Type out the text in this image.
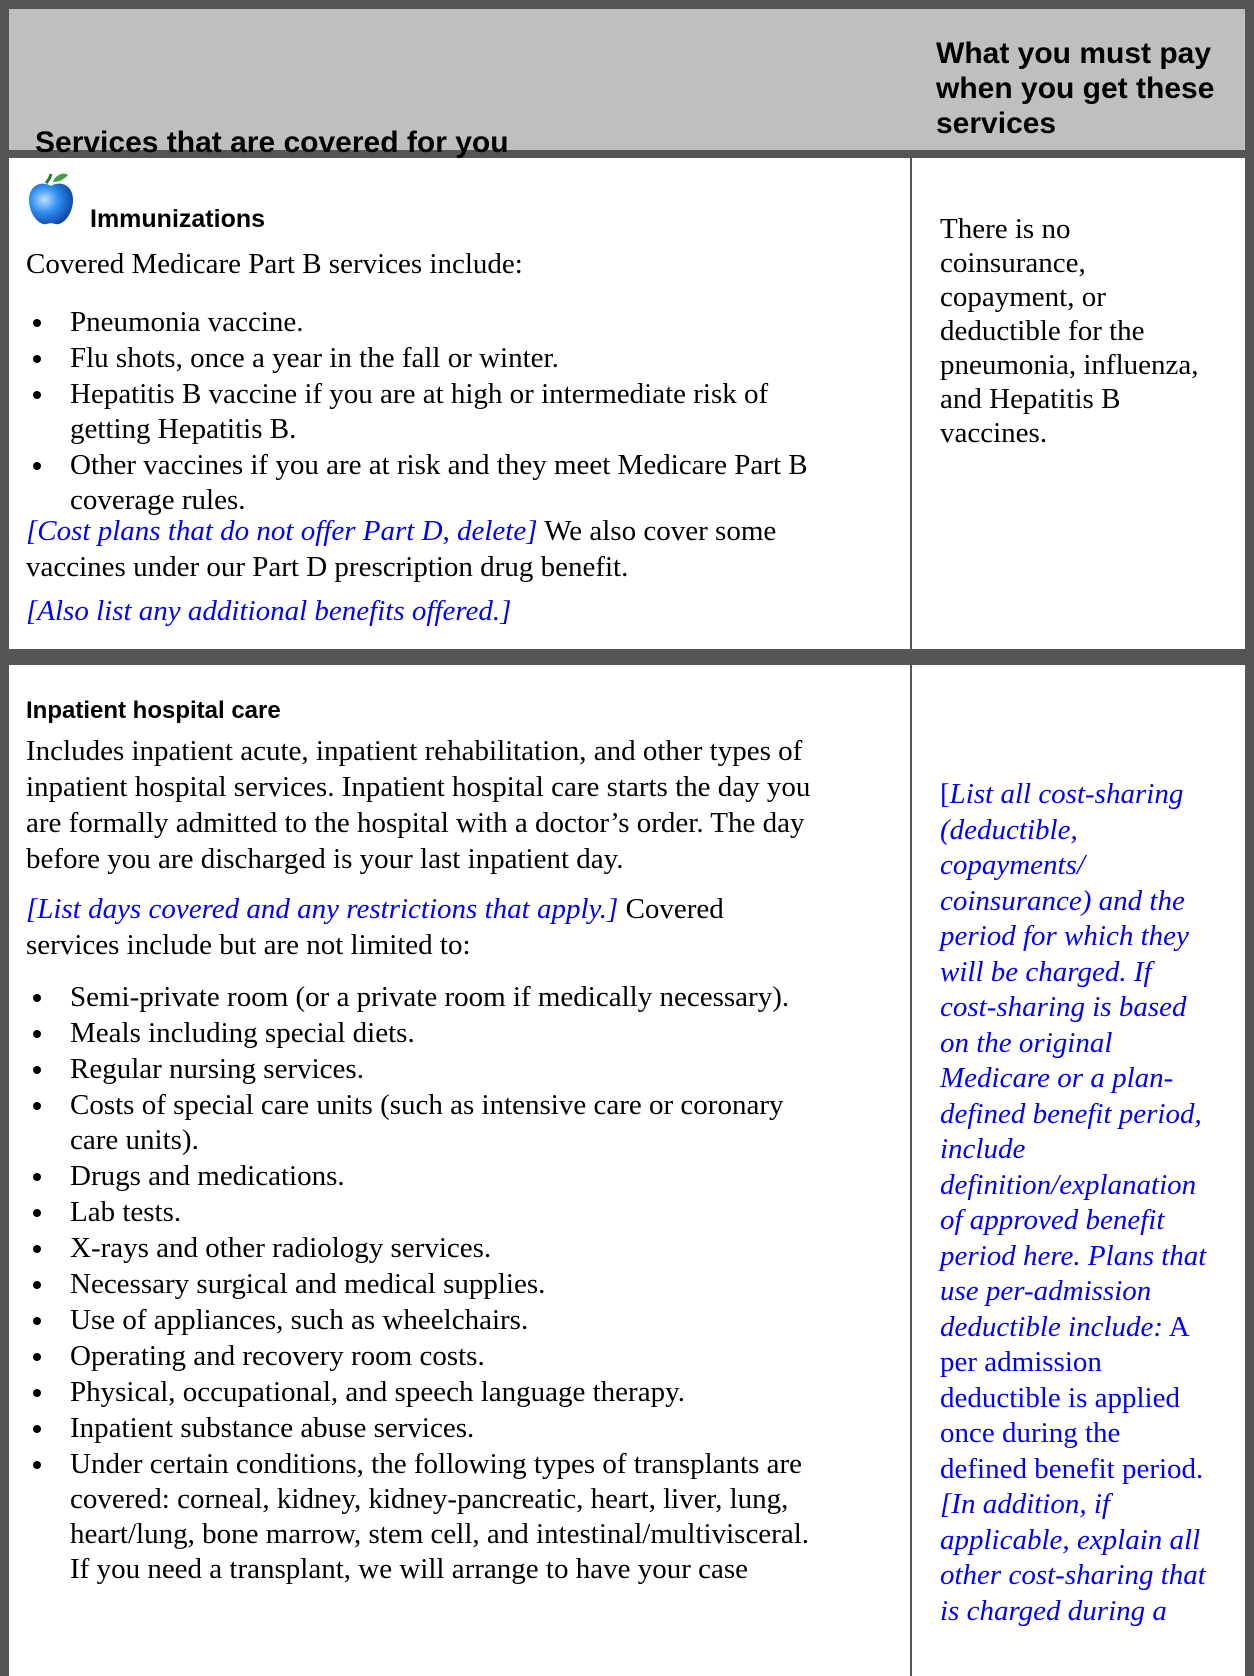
Services that are covered for you
What you must pay
when you get these
services
Immunizations
Covered Medicare Part B services include:
Pneumonia vaccine.
Flu shots, once a year in the fall or winter.
Hepatitis B vaccine if you are at high or intermediate risk of
getting Hepatitis B.
Other vaccines if you are at risk and they meet Medicare Part B
coverage rules.
[Cost plans that do not offer Part D, delete] We also cover some
vaccines under our Part D prescription drug benefit.
[Also list any additional benefits offered.]
There is no
coinsurance,
copayment, or
deductible for the
pneumonia, influenza,
and Hepatitis B
vaccines.
Inpatient hospital care
Includes inpatient acute, inpatient rehabilitation, and other types of
inpatient hospital services. Inpatient hospital care starts the day you
are formally admitted to the hospital with a doctor’s order. The day
before you are discharged is your last inpatient day.
[List days covered and any restrictions that apply.] Covered
services include but are not limited to:
Semi-private room (or a private room if medically necessary).
Meals including special diets.
Regular nursing services.
Costs of special care units (such as intensive care or coronary
care units).
Drugs and medications.
Lab tests.
X-rays and other radiology services.
Necessary surgical and medical supplies.
Use of appliances, such as wheelchairs.
Operating and recovery room costs.
Physical, occupational, and speech language therapy.
Inpatient substance abuse services.
Under certain conditions, the following types of transplants are
covered: corneal, kidney, kidney-pancreatic, heart, liver, lung,
heart/lung, bone marrow, stem cell, and intestinal/multivisceral.
If you need a transplant, we will arrange to have your case
[List all cost-sharing
(deductible,
copayments/
coinsurance) and the
period for which they
will be charged. If
cost-sharing is based
on the original
Medicare or a plan-
defined benefit period,
include
definition/explanation
of approved benefit
period here. Plans that
use per-admission
deductible include: A
per admission
deductible is applied
once during the
defined benefit period.
[In addition, if
applicable, explain all
other cost-sharing that
is charged during a
